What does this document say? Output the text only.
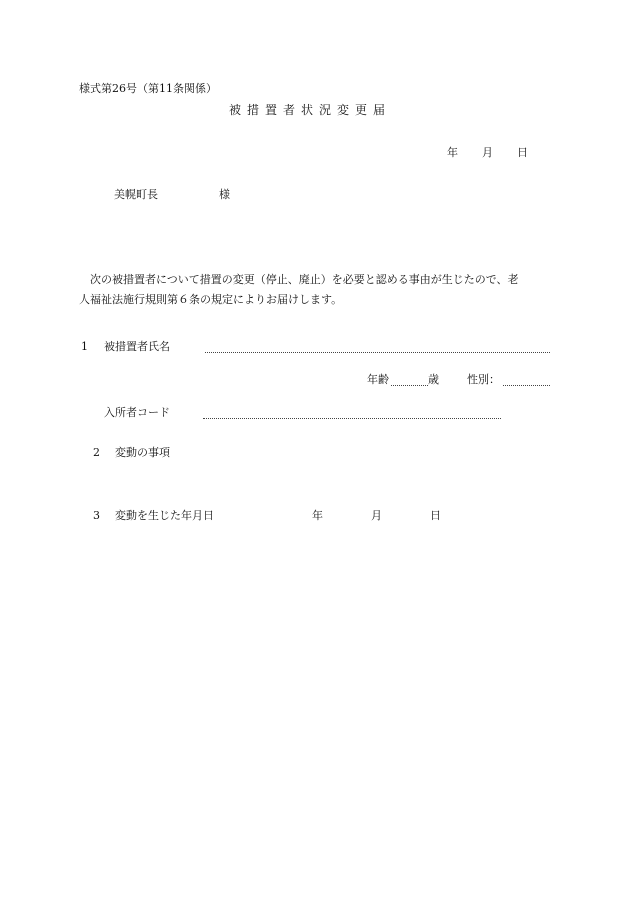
様式第26号（第11条関係）
被措置者状況変更届
年 月 日
美幌町長	様
次の被措置者について措置の変更（停止、廃止）を必要と認める事由が生じたので、老
人福祉法施行規則第６条の規定によりお届けします。
1 被措置者氏名
年齢	歳	性別：
入所者コード
2 変動の事項
3 変動を生じた年月日	年	月	日
